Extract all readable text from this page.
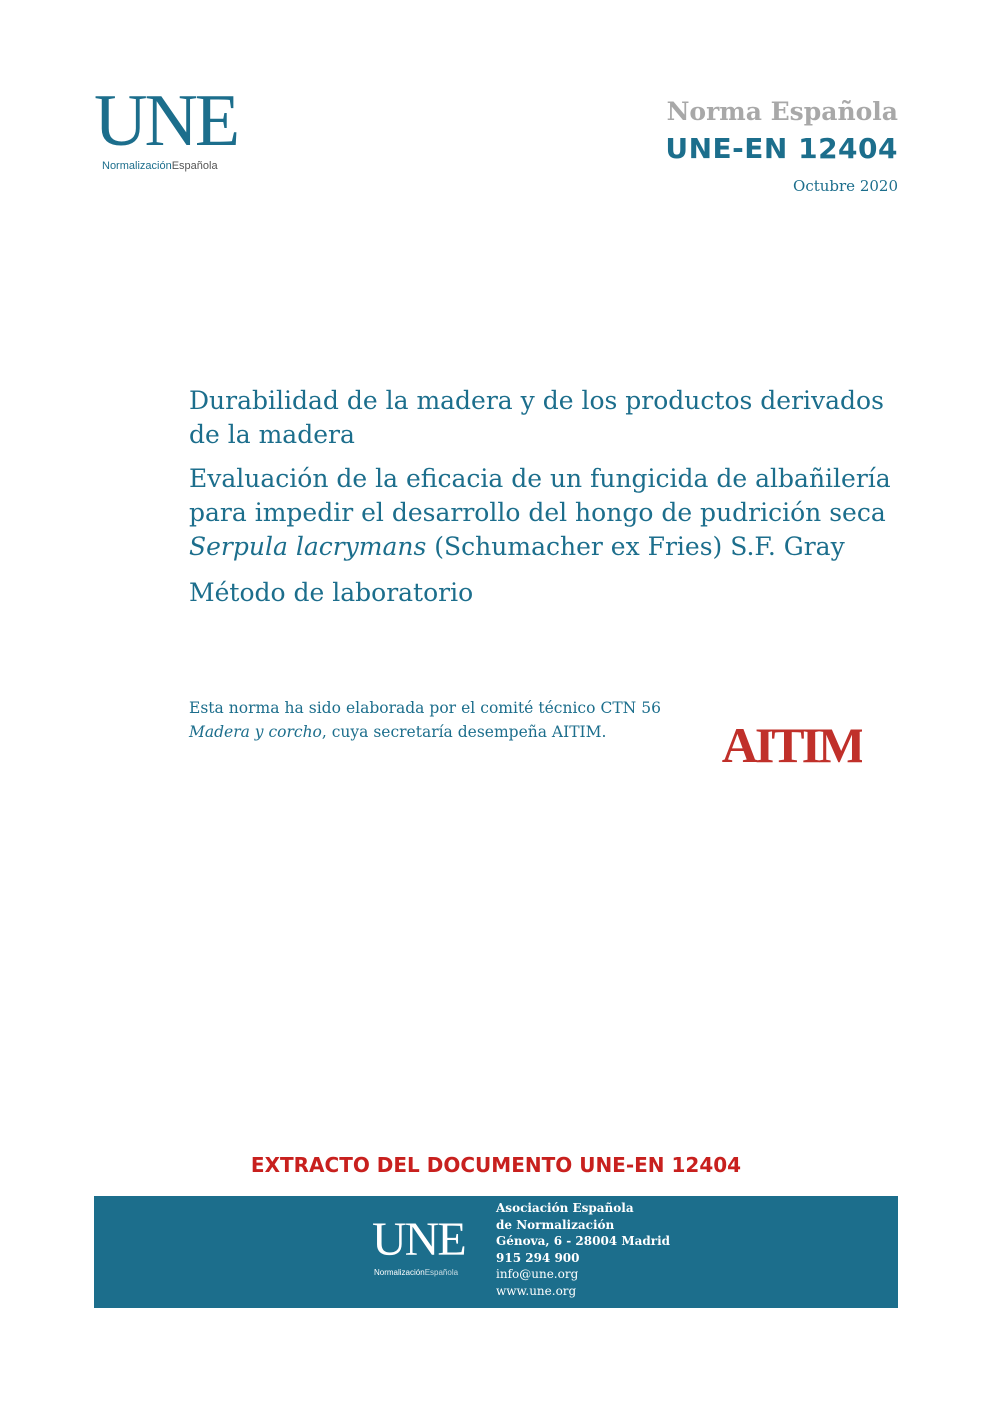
UNE
NormalizaciónEspañola
Norma Española
UNE-EN 12404
Octubre 2020

Durabilidad de la madera y de los productos derivados de la madera

Evaluación de la eficacia de un fungicida de albañilería para impedir el desarrollo del hongo de pudrición seca
Serpula lacrymans (Schumacher ex Fries) S.F. Gray

Método de laboratorio

Esta norma ha sido elaborada por el comité técnico CTN 56 Madera y corcho, cuya secretaría desempeña AITIM.	AITIM
EXTRACTO DEL DOCUMENTO UNE-EN 12404
UNE
NormalizaciónEspañola
Asociación Española
de Normalización
Génova, 6 - 28004 Madrid
915 294 900
info@une.org
www.une.org
